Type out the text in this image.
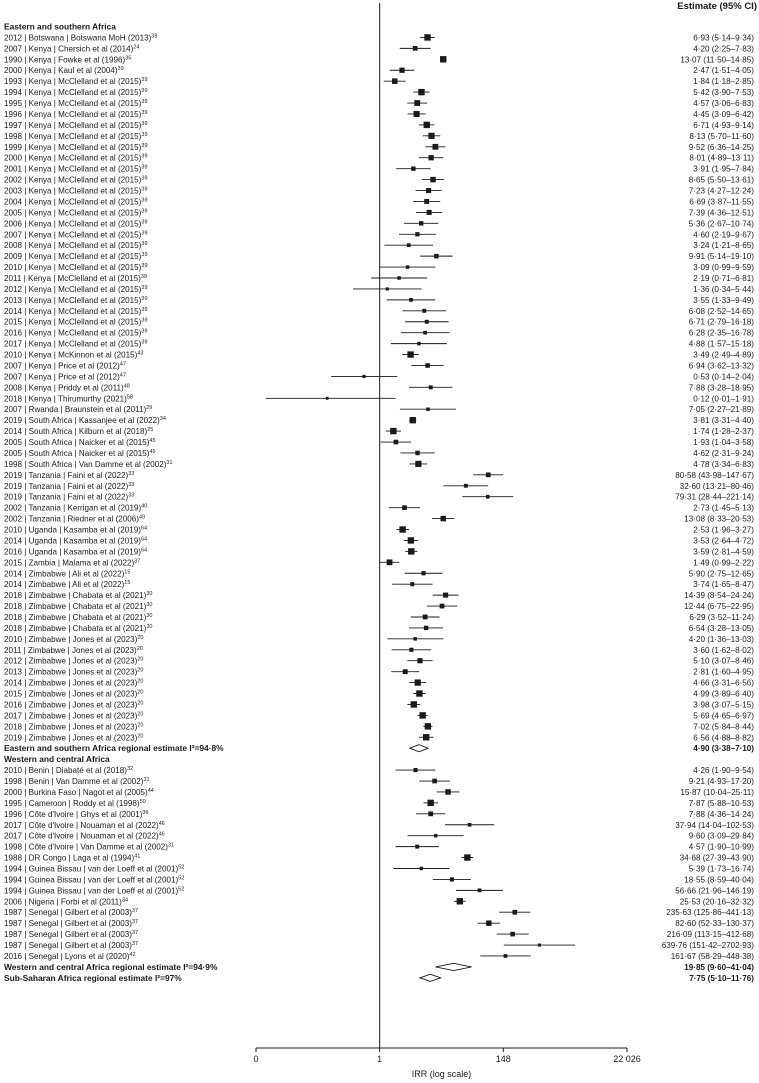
Estimate (95% CI)
Eastern and southern Africa
2012 | Botswana | Botswana MoH $(2013)^{38}$	6·93 (5·14–9·34)
2007 | Kenya | Chersich et al $(2014)^{24}$	4·20 (2·25–7·83)
1990 | Kenya | Fowke et al $(1996)^{35}$	13·07 (11·50–14·85)
2000 | Kenya | Kaul et al $(2004)^{39}$	2·47 (1·51–4·05)
1993 | Kenya | McClelland et al $(2015)^{39}$	1·84 (1·18–2·85)
1994 | Kenya | McClelland et al $(2015)^{39}$	5·42 (3·90–7·53)
1995 | Kenya | McClelland et al $(2015)^{39}$	4·57 (3·06–6·83)
1996 | Kenya | McClelland et al $(2015)^{39}$	4·45 (3·09–6·42)
1997 | Kenya | McClelland et al $(2015)^{39}$	6·71 (4·93–9·14)
1998 | Kenya | McClelland et al $(2015)^{39}$	8·13 (5·70–11·60)
1999 | Kenya | McClelland et al $(2015)^{39}$	9·52 (6·36–14·25)
2000 | Kenya | McClelland et al $(2015)^{39}$	8·01 (4·89–13·11)
2001 | Kenya | McClelland et al $(2015)^{39}$	3·91 (1·95–7·84)
2002 | Kenya | McClelland et al $(2015)^{39}$	8·65 (5·50–13·61)
2003 | Kenya | McClelland et al $(2015)^{39}$	7·23 (4·27–12·24)
2004 | Kenya | McClelland et al $(2015)^{39}$	6·69 (3·87–11·55)
2005 | Kenya | McClelland et al $(2015)^{39}$	7·39 (4·36–12·51)
2006 | Kenya | McClelland et al $(2015)^{39}$	5·36 (2·67–10·74)
2007 | Kenya | McClelland et al $(2015)^{39}$	4·60 (2·19–9·67)
2008 | Kenya | McClelland et al $(2015)^{39}$	3·24 (1·21–8·65)
2009 | Kenya | McClelland et al $(2015)^{39}$	9·91 (5·14–19·10)
2010 | Kenya | McClelland et al $(2015)^{39}$	3·09 (0·99–9·59)
2011 | Kenya | McClelland et al $(2015)^{39}$	2·19 (0·71–6·81)
2012 | Kenya | McClelland et al $(2015)^{39}$	1·36 (0·34–5·44)
2013 | Kenya | McClelland et al $(2015)^{39}$	3·55 (1·33–9·49)
2014 | Kenya | McClelland et al $(2015)^{39}$	6·08 (2·52–14·65)
2015 | Kenya | McClelland et al $(2015)^{39}$	6·71 (2·79–16·18)
2016 | Kenya | McClelland et al $(2015)^{39}$	6·28 (2·35–16·78)
2017 | Kenya | McClelland et al $(2015)^{39}$	4·88 (1·57–15·18)
2010 | Kenya | McKinnon et al $(2015)^{43}$	3·49 (2·49–4·89)
2007 | Kenya | Price et al $(2012)^{47}$	6·94 (3·62–13·32)
2007 | Kenya | Price et al $(2012)^{47}$	0·53 (0·14–2·04)
2008 | Kenya | Priddy et al $(2011)^{48}$	7·88 (3·28–18·95)
2018 | Kenya | Thirumurthy $(2021)^{58}$	0·12 (0·01–1·91)
2007 | Rwanda | Braunstein et al $(2011)^{29}$	7·05 (2·27–21·89)
2019 | South Africa | Kassanjee et al $(2022)^{34}$	3·81 (3·31–4·40)
2014 | South Africa | Kilburn et al $(2018)^{25}$	1·74 (1·28–2·37)
2005 | South Africa | Naicker et al $(2015)^{45}$	1·93 (1·04–3·58)
2005 | South Africa | Naicker et al $(2015)^{45}$	4·62 (2·31–9·24)
1998 | South Africa | Van Damme et al $(2002)^{31}$	4·78 (3·34–6·83)
2019 | Tanzania | Faini et al $(2022)^{33}$	80·58 (43·98–147·67)
2019 | Tanzania | Faini et al $(2022)^{33}$	32·60 (13·21–80·46)
2019 | Tanzania | Faini et al $(2022)^{33}$	79·31 (28·44–221·14)
2002 | Tanzania | Kerrigan et al $(2019)^{40}$	2·73 (1·45–5·13)
2002 | Tanzania | Riedner et al $(2006)^{49}$	13·08 (8·33–20·53)
2010 | Uganda | Kasamba et al $(2019)^{64}$	2·53 (1·96–3·27)
2014 | Uganda | Kasamba et al $(2019)^{64}$	3·53 (2·64–4·72)
2016 | Uganda | Kasamba et al $(2019)^{64}$	3·59 (2·81–4·59)
2015 | Zambia | Malama et al $(2022)^{37}$	1·49 (0·99–2·22)
2014 | Zimbabwe | Ali et al $(2022)^{15}$	5·90 (2·75–12·65)
2014 | Zimbabwe | Ali et al $(2022)^{15}$	3·74 (1·65–8·47)
2018 | Zimbabwe | Chabata et al $(2021)^{30}$	14·39 (8·54–24·24)
2018 | Zimbabwe | Chabata et al $(2021)^{30}$	12·44 (6·75–22·95)
2018 | Zimbabwe | Chabata et al $(2021)^{30}$	6·29 (3·52–11·24)
2018 | Zimbabwe | Chabata et al $(2021)^{30}$	6·54 (3·28–13·05)
2010 | Zimbabwe | Jones et al $(2023)^{20}$	4·20 (1·36–13·03)
2011 | Zimbabwe | Jones et al $(2023)^{20}$	3·60 (1·62–8·02)
2012 | Zimbabwe | Jones et al $(2023)^{20}$	5·10 (3·07–8·46)
2013 | Zimbabwe | Jones et al $(2023)^{20}$	2·81 (1·60–4·95)
2014 | Zimbabwe | Jones et al $(2023)^{20}$	4·66 (3·31–6·56)
2015 | Zimbabwe | Jones et al $(2023)^{20}$	4·99 (3·89–6·40)
2016 | Zimbabwe | Jones et al $(2023)^{20}$	3·98 (3·07–5·15)
2017 | Zimbabwe | Jones et al $(2023)^{20}$	5·69 (4·65–6·97)
2018 | Zimbabwe | Jones et al $(2023)^{20}$	7·02 (5·84–8·44)
2019 | Zimbabwe | Jones et al $(2023)^{20}$	6·56 (4·88–8·82)
Eastern and southern Africa regional estimate I²=94·8%	4·90 (3·38–7·10)
Western and central Africa
2010 | Benin | Diabaté et al $(2018)^{32}$	4·26 (1·90–9·54)
1998 | Benin | Van Damme et al $(2002)^{31}$	9·21 (4·93–17·20)
2000 | Burkina Faso | Nagot et al $(2005)^{44}$	15·87 (10·04–25·11)
1995 | Cameroon | Roddy et al $(1998)^{50}$	7·87 (5·88–10·53)
1996 | Côte d'Ivoire | Ghys et al $(2001)^{36}$	7·88 (4·36–14·24)
2017 | Côte d'Ivoire | Nouaman et al $(2022)^{46}$	37·94 (14·04–102·53)
2017 | Côte d'Ivoire | Nouaman et al $(2022)^{46}$	9·60 (3·09–29·84)
1998 | Côte d'Ivoire | Van Damme et al $(2002)^{31}$	4·57 (1·90–10·99)
1988 | DR Congo | Laga et al $(1994)^{41}$	34·68 (27·39–43·90)
1994 | Guinea Bissau | van der Loeff et al $(2001)^{52}$	5·39 (1·73–16·74)
1994 | Guinea Bissau | van der Loeff et al $(2001)^{52}$	18·55 (8·59–40·04)
1994 | Guinea Bissau | van der Loeff et al $(2001)^{52}$	56·66 (21·96–146·19)
2006 | Nigeria | Forbi et al $(2011)^{34}$	25·53 (20·16–32·32)
1987 | Senegal | Gilbert et al $(2003)^{37}$	235·63 (125·86–441·13)
1987 | Senegal | Gilbert et al $(2003)^{37}$	82·60 (52·33–130·37)
1987 | Senegal | Gilbert et al $(2003)^{37}$	216·09 (113·15–412·68)
1987 | Senegal | Gilbert et al $(2003)^{37}$	639·76 (151·42–2702·93)
2016 | Senegal | Lyons et al $(2020)^{42}$	161·67 (58·29–448·38)
Western and central Africa regional estimate I²=94·9%	19·85 (9·60–41·04)
Sub-Saharan Africa regional estimate I²=97%	7·75 (5·10–11·76)
0	1	148	22 026
IRR (log scale)
